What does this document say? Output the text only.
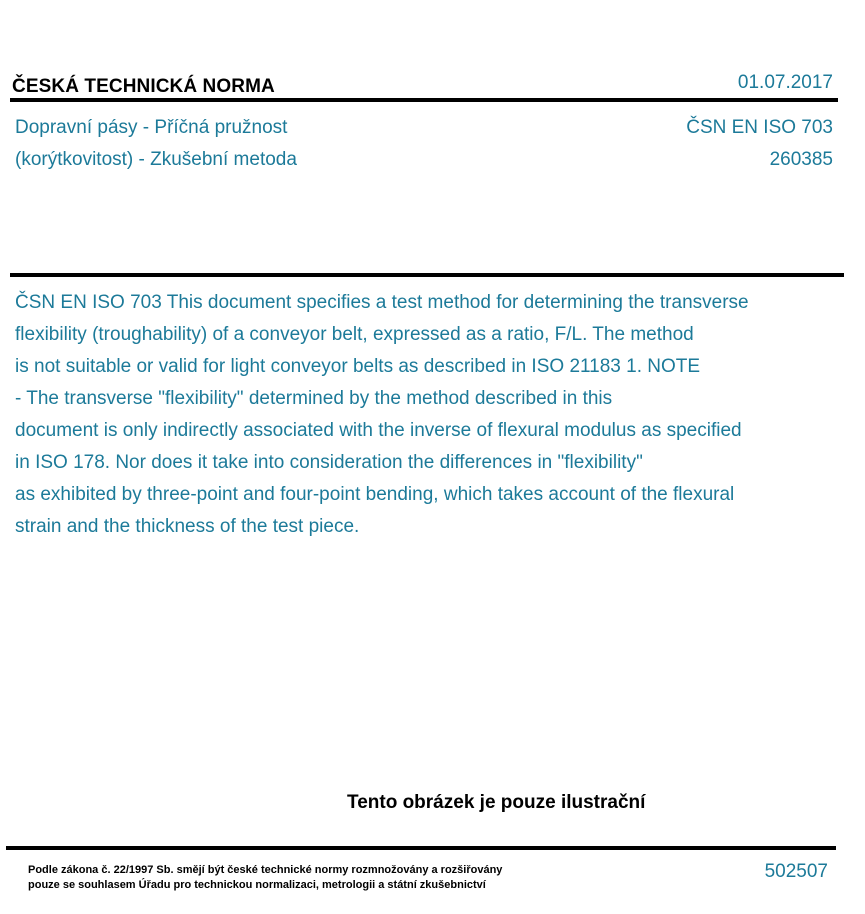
ČESKÁ TECHNICKÁ NORMA	01.07.2017
Dopravní pásy - Příčná pružnost
(korýtkovitost) - Zkušební metoda
ČSN EN ISO 703
260385
ČSN EN ISO 703 This document specifies a test method for determining the transverse
flexibility (troughability) of a conveyor belt, expressed as a ratio, F/L. The method
is not suitable or valid for light conveyor belts as described in ISO 21183 1. NOTE
- The transverse "flexibility" determined by the method described in this
document is only indirectly associated with the inverse of flexural modulus as specified
in ISO 178. Nor does it take into consideration the differences in "flexibility"
as exhibited by three-point and four-point bending, which takes account of the flexural
strain and the thickness of the test piece.
Tento obrázek je pouze ilustrační
Podle zákona č. 22/1997 Sb. smějí být české technické normy rozmnožovány a rozšiřovány
pouze se souhlasem Úřadu pro technickou normalizaci, metrologii a státní zkušebnictví
502507
